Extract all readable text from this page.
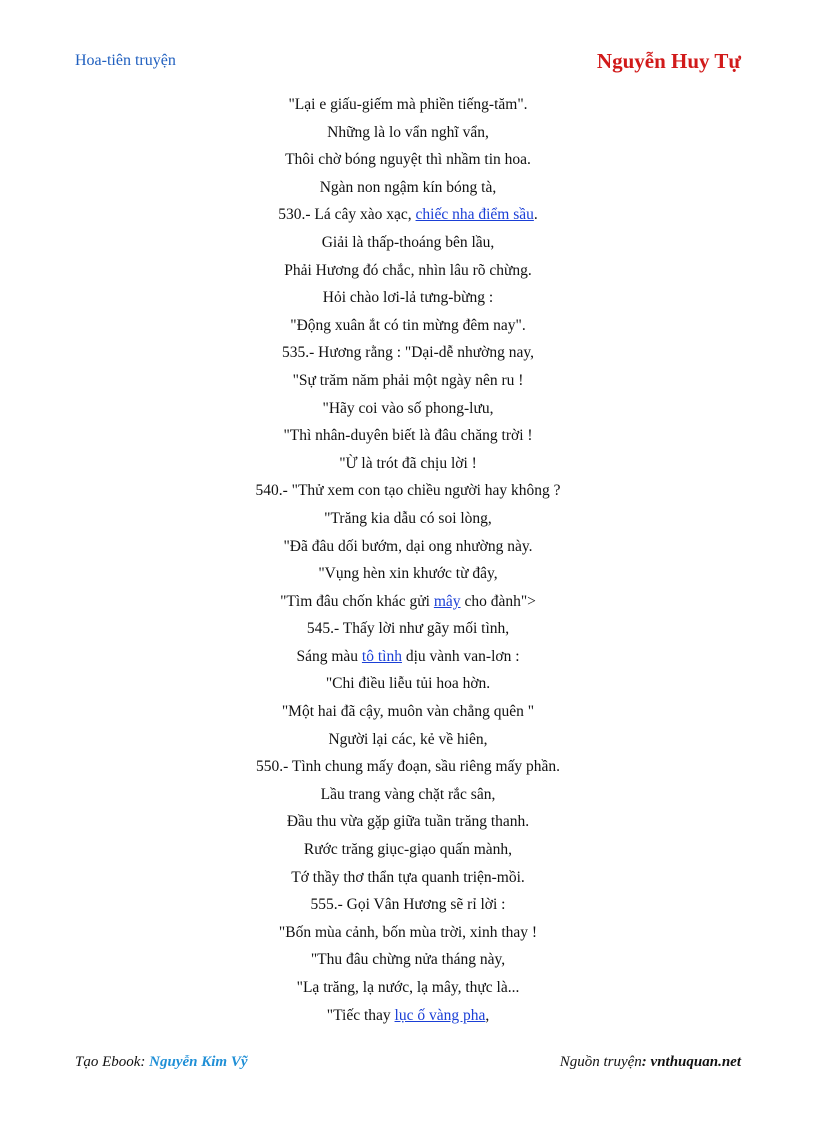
Hoa-tiên truyện	Nguyễn Huy Tự
"Lại e giấu-giếm mà phiền tiếng-tăm".
Những là lo vẩn nghĩ vẩn,
Thôi chờ bóng nguyệt thì nhầm tin hoa.
Ngàn non ngậm kín bóng tà,
530.- Lá cây xào xạc, chiếc nha điểm sầu.
Giải là thấp-thoáng bên lầu,
Phải Hương đó chắc, nhìn lâu rõ chừng.
Hỏi chào lơi-lả tưng-bừng :
"Động xuân ắt có tin mừng đêm nay".
535.- Hương rằng : "Dại-dễ nhường nay,
"Sự trăm năm phải một ngày nên ru !
"Hãy coi vào số phong-lưu,
"Thì nhân-duyên biết là đâu chăng trời !
"Ừ là trót đã chịu lời !
540.- "Thử xem con tạo chiều người hay không ?
"Trăng kia dẫu có soi lòng,
"Đã đâu dối bướm, dại ong nhường này.
"Vụng hèn xin khước từ đây,
"Tìm đâu chốn khác gửi mây cho đành">
545.- Thấy lời như gãy mối tình,
Sáng màu tô tình dịu vành van-lơn :
"Chi điều liễu tủi hoa hờn.
"Một hai đã cậy, muôn vàn chẳng quên "
Người lại các, kẻ về hiên,
550.- Tình chung mấy đoạn, sầu riêng mấy phần.
Lầu trang vàng chặt rắc sân,
Đầu thu vừa gặp giữa tuần trăng thanh.
Rước trăng giục-giạo quấn mành,
Tớ thầy thơ thẩn tựa quanh triện-mồi.
555.- Gọi Vân Hương sẽ rỉ lời :
"Bốn mùa cảnh, bốn mùa trời, xinh thay !
"Thu đâu chừng nửa tháng này,
"Lạ trăng, lạ nước, lạ mây, thực là...
"Tiếc thay lục ố vàng pha,
Tạo Ebook: Nguyễn Kim Vỹ	Nguồn truyện: vnthuquan.net
